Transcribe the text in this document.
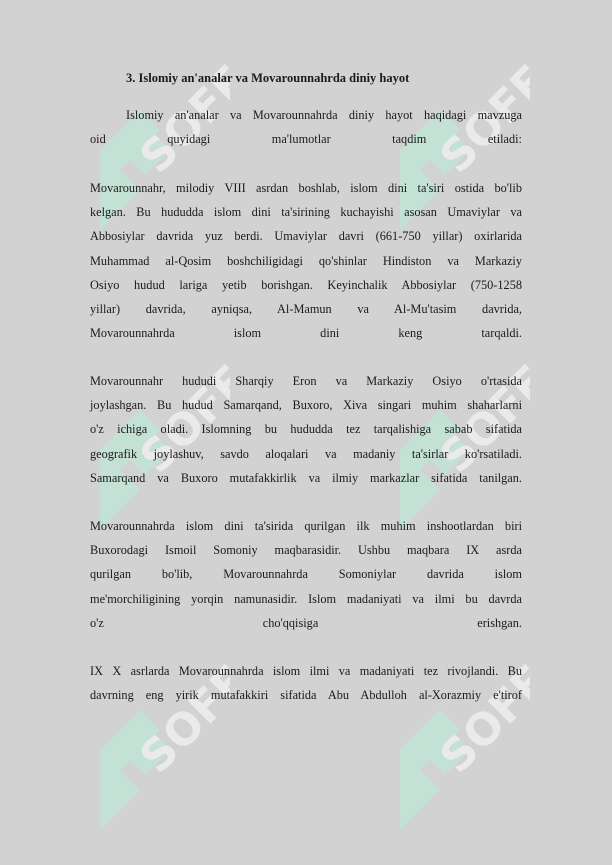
SOFF	SOFF
SOFF	SOFF
SOFF	SOFF
3. Islomiy an'analar va Movarounnahrda diniy hayot
Islomiy an'analar va Movarounnahrda diniy hayot haqidagi mavzuga
oid	quyidagi	ma'lumotlar	taqdim	etiladi:
Movarounnahr, milodiy VIII asrdan boshlab, islom dini ta'siri ostida bo'lib
kelgan. Bu hududda islom dini ta'sirining kuchayishi asosan Umaviylar va
Abbosiylar davrida yuz berdi. Umaviylar davri (661-750 yillar) oxirlarida
Muhammad al-Qosim boshchiligidagi qo'shinlar Hindiston va Markaziy
Osiyo hudud lariga yetib borishgan. Keyinchalik Abbosiylar (750-1258
yillar) davrida, ayniqsa, Al-Mamun va Al-Mu'tasim davrida,
Movarounnahrda islom dini keng tarqaldi.
Movarounnahr hududi Sharqiy Eron va Markaziy Osiyo o'rtasida
joylashgan. Bu hudud Samarqand, Buxoro, Xiva singari muhim shaharlarni
o'z ichiga oladi. Islomning bu hududda tez tarqalishiga sabab sifatida
geografik joylashuv, savdo aloqalari va madaniy ta'sirlar ko'rsatiladi.
Samarqand va Buxoro mutafakkirlik va ilmiy markazlar sifatida tanilgan.
Movarounnahrda islom dini ta'sirida qurilgan ilk muhim inshootlardan biri
Buxorodagi Ismoil Somoniy maqbarasidir. Ushbu maqbara IX asrda
qurilgan bo'lib, Movarounnahrda Somoniylar davrida islom
me'morchiligining yorqin namunasidir. Islom madaniyati va ilmi bu davrda
o'z cho'qqisiga erishgan.
IX X asrlarda Movarounnahrda islom ilmi va madaniyati tez rivojlandi. Bu
davrning eng yirik mutafakkiri sifatida Abu Abdulloh al-Xorazmiy e'tirof
